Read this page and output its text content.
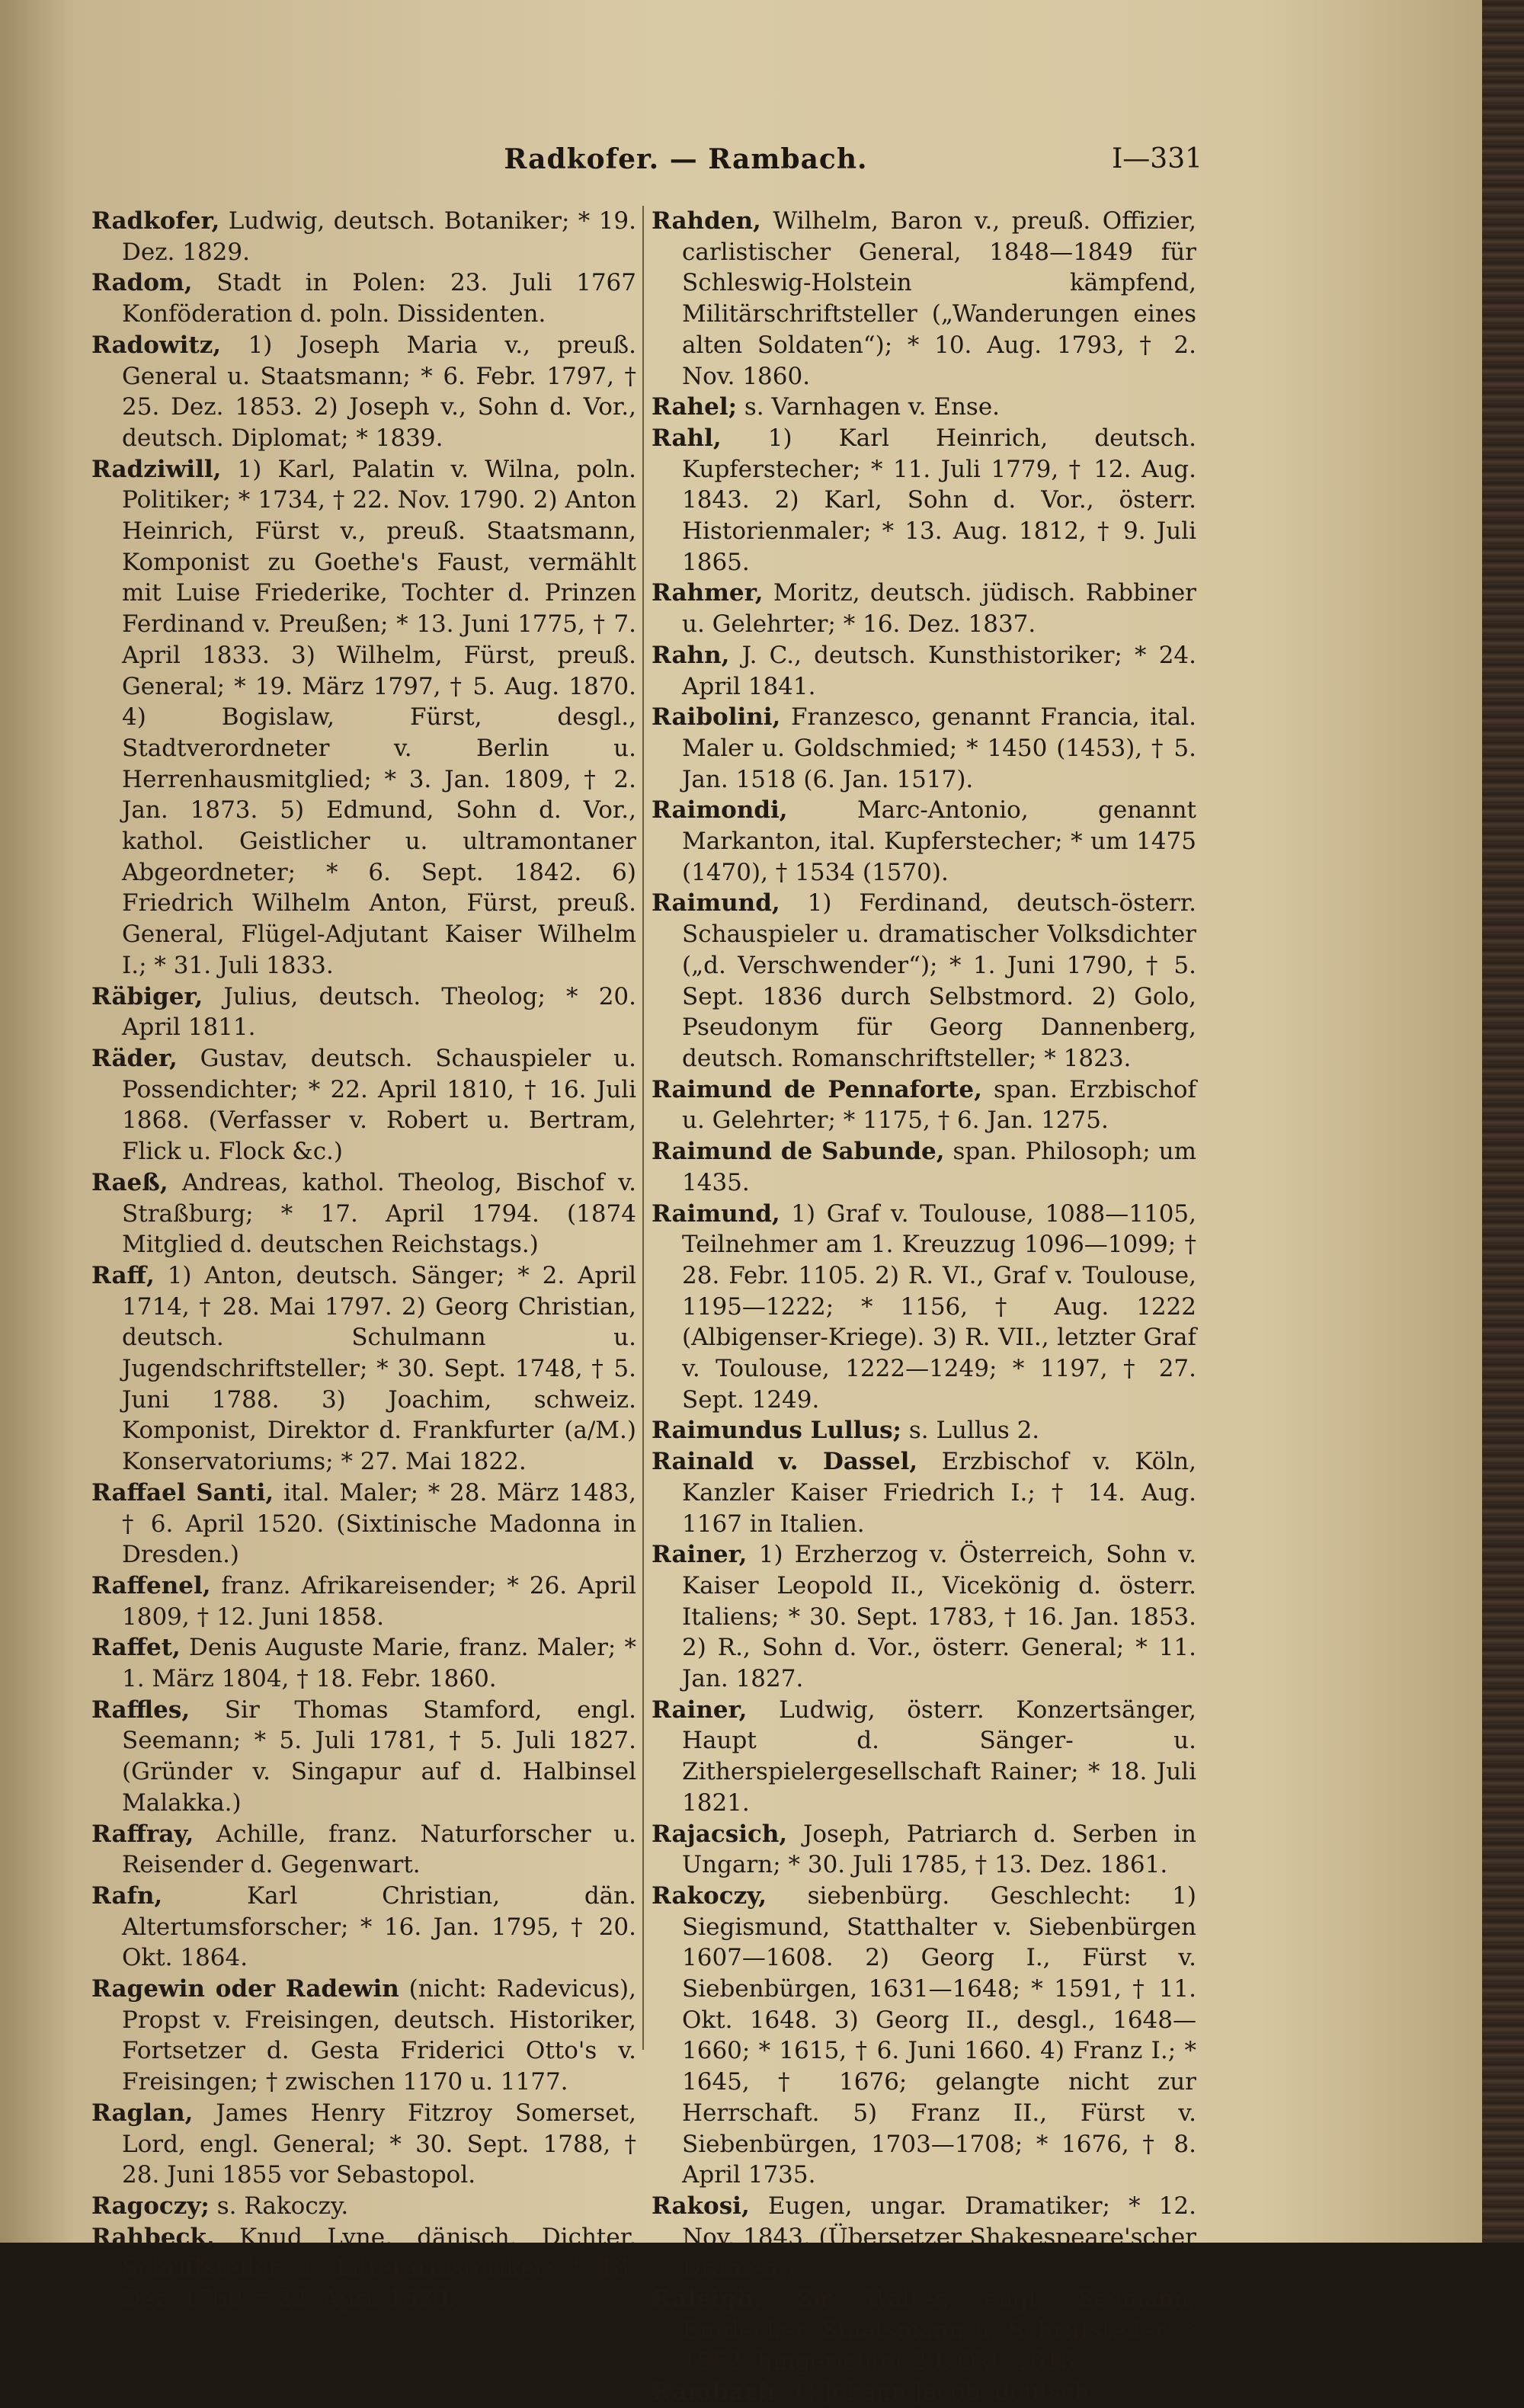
Radkofer. — Rambach.	I—331

Radkofer, Ludwig, deutsch. Botaniker; * 19. Dez. 1829.

Radom, Stadt in Polen: 23. Juli 1767 Konföderation d. poln. Dissidenten.

Radowitz, 1) Joseph Maria v., preuß. General u. Staatsmann; * 6. Febr. 1797, † 25. Dez. 1853. 2) Joseph v., Sohn d. Vor., deutsch. Diplomat; * 1839.

Radziwill, 1) Karl, Palatin v. Wilna, poln. Politiker; * 1734, † 22. Nov. 1790. 2) Anton Heinrich, Fürst v., preuß. Staatsmann, Komponist zu Goethe's Faust, vermählt mit Luise Friederike, Tochter d. Prinzen Ferdinand v. Preußen; * 13. Juni 1775, † 7. April 1833. 3) Wilhelm, Fürst, preuß. General; * 19. März 1797, † 5. Aug. 1870. 4) Bogislaw, Fürst, desgl., Stadtverordneter v. Berlin u. Herrenhausmitglied; * 3. Jan. 1809, † 2. Jan. 1873. 5) Edmund, Sohn d. Vor., kathol. Geistlicher u. ultramontaner Abgeordneter; * 6. Sept. 1842. 6) Friedrich Wilhelm Anton, Fürst, preuß. General, Flügel-Adjutant Kaiser Wilhelm I.; * 31. Juli 1833.

Räbiger, Julius, deutsch. Theolog; * 20. April 1811.

Räder, Gustav, deutsch. Schauspieler u. Possendichter; * 22. April 1810, † 16. Juli 1868. (Verfasser v. Robert u. Bertram, Flick u. Flock &c.)

Raeß, Andreas, kathol. Theolog, Bischof v. Straßburg; * 17. April 1794. (1874 Mitglied d. deutschen Reichstags.)

Raff, 1) Anton, deutsch. Sänger; * 2. April 1714, † 28. Mai 1797. 2) Georg Christian, deutsch. Schulmann u. Jugendschriftsteller; * 30. Sept. 1748, † 5. Juni 1788. 3) Joachim, schweiz. Komponist, Direktor d. Frankfurter (a/M.) Konservatoriums; * 27. Mai 1822.

Raffael Santi, ital. Maler; * 28. März 1483, † 6. April 1520. (Sixtinische Madonna in Dresden.)

Raffenel, franz. Afrikareisender; * 26. April 1809, † 12. Juni 1858.

Raffet, Denis Auguste Marie, franz. Maler; * 1. März 1804, † 18. Febr. 1860.

Raffles, Sir Thomas Stamford, engl. Seemann; * 5. Juli 1781, † 5. Juli 1827. (Gründer v. Singapur auf d. Halbinsel Malakka.)

Raffray, Achille, franz. Naturforscher u. Reisender d. Gegenwart.

Rafn, Karl Christian, dän. Altertumsforscher; * 16. Jan. 1795, † 20. Okt. 1864.

Ragewin oder Radewin (nicht: Radevicus), Propst v. Freisingen, deutsch. Historiker, Fortsetzer d. Gesta Friderici Otto's v. Freisingen; † zwischen 1170 u. 1177.

Raglan, James Henry Fitzroy Somerset, Lord, engl. General; * 30. Sept. 1788, † 28. Juni 1855 vor Sebastopol.

Ragoczy; s. Rakoczy.

Rahbeck, Knud Lyne, dänisch. Dichter, Schriftsteller u. Litterarhistoriker; * 18. Dez. 1760, † 22. April 1830.

Rahden, Wilhelm, Baron v., preuß. Offizier, carlistischer General, 1848—1849 für Schleswig-Holstein kämpfend, Militärschriftsteller („Wanderungen eines alten Soldaten“); * 10. Aug. 1793, † 2. Nov. 1860.

Rahel; s. Varnhagen v. Ense.

Rahl, 1) Karl Heinrich, deutsch. Kupferstecher; * 11. Juli 1779, † 12. Aug. 1843. 2) Karl, Sohn d. Vor., österr. Historienmaler; * 13. Aug. 1812, † 9. Juli 1865.

Rahmer, Moritz, deutsch. jüdisch. Rabbiner u. Gelehrter; * 16. Dez. 1837.

Rahn, J. C., deutsch. Kunsthistoriker; * 24. April 1841.

Raibolini, Franzesco, genannt Francia, ital. Maler u. Goldschmied; * 1450 (1453), † 5. Jan. 1518 (6. Jan. 1517).

Raimondi, Marc-Antonio, genannt Markanton, ital. Kupferstecher; * um 1475 (1470), † 1534 (1570).

Raimund, 1) Ferdinand, deutsch-österr. Schauspieler u. dramatischer Volksdichter („d. Verschwender“); * 1. Juni 1790, † 5. Sept. 1836 durch Selbstmord. 2) Golo, Pseudonym für Georg Dannenberg, deutsch. Romanschriftsteller; * 1823.

Raimund de Pennaforte, span. Erzbischof u. Gelehrter; * 1175, † 6. Jan. 1275.

Raimund de Sabunde, span. Philosoph; um 1435.

Raimund, 1) Graf v. Toulouse, 1088—1105, Teilnehmer am 1. Kreuzzug 1096—1099; † 28. Febr. 1105. 2) R. VI., Graf v. Toulouse, 1195—1222; * 1156, † Aug. 1222 (Albigenser-Kriege). 3) R. VII., letzter Graf v. Toulouse, 1222—1249; * 1197, † 27. Sept. 1249.

Raimundus Lullus; s. Lullus 2.

Rainald v. Dassel, Erzbischof v. Köln, Kanzler Kaiser Friedrich I.; † 14. Aug. 1167 in Italien.

Rainer, 1) Erzherzog v. Österreich, Sohn v. Kaiser Leopold II., Vicekönig d. österr. Italiens; * 30. Sept. 1783, † 16. Jan. 1853. 2) R., Sohn d. Vor., österr. General; * 11. Jan. 1827.

Rainer, Ludwig, österr. Konzertsänger, Haupt d. Sänger- u. Zitherspielergesellschaft Rainer; * 18. Juli 1821.

Rajacsich, Joseph, Patriarch d. Serben in Ungarn; * 30. Juli 1785, † 13. Dez. 1861.

Rakoczy, siebenbürg. Geschlecht: 1) Siegismund, Statthalter v. Siebenbürgen 1607—1608. 2) Georg I., Fürst v. Siebenbürgen, 1631—1648; * 1591, † 11. Okt. 1648. 3) Georg II., desgl., 1648—1660; * 1615, † 6. Juni 1660. 4) Franz I.; * 1645, † 1676; gelangte nicht zur Herrschaft. 5) Franz II., Fürst v. Siebenbürgen, 1703—1708; * 1676, † 8. April 1735.

Rakosi, Eugen, ungar. Dramatiker; * 12. Nov. 1843. (Übersetzer Shakespeare'scher Dramen.)

Raleigh, Sir Walter, engl. Seemann, Entdecker, Staatsmann u. Schriftsteller; * 1552, hingerichtet 29. Okt. 1618.

Rambach, 1) Johann Jacob, deutsch.
